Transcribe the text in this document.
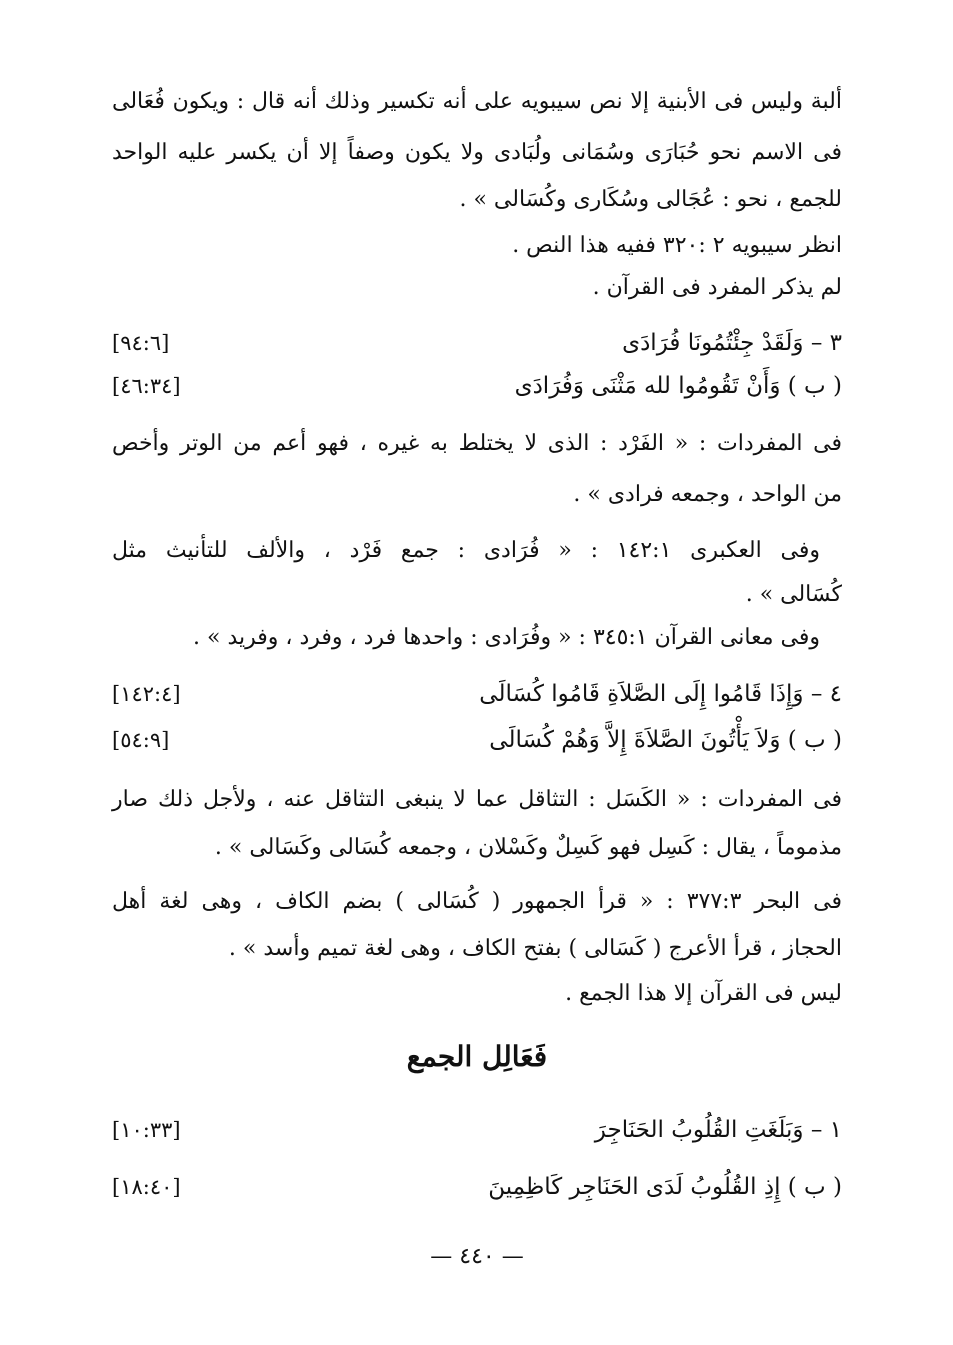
ألبة وليس فى الأبنية إلا نص سيبويه على أنه تكسير وذلك أنه قال : ويكون فُعَالى
فى الاسم نحو حُبَارَى وسُمَانى ولُبَادى ولا يكون وصفاً إلا أن يكسر عليه الواحد
للجمع ، نحو : عُجَالى وسُكَارى وكُسَالى » .
انظر سيبويه ٢ :٣٢٠ ففيه هذا النص .
لم يذكر المفرد فى القرآن .
٣ – وَلَقَدْ جِئْتُمُونَا فُرَادَى
[٩٤:٦]
( ب ) وَأَنْ تَقُومُوا لله مَثْنَى وَفُرَادَى
[٤٦:٣٤]
فى المفردات : « الفَرْد : الذى لا يختلط به غيره ، فهو أعم من الوتر وأخص
من الواحد ، وجمعه فرادى » .
وفى العكبرى ١٤٢:١ : « فُرَادى : جمع فَرْد ، والألف للتأنيث مثل
كُسَالى » .
وفى معانى القرآن ٣٤٥:١ : « وفُرَادى : واحدها فرد ، وفرد ، وفريد » .
٤ – وَإِذَا قَامُوا إِلَى الصَّلاَةِ قَامُوا كُسَالَى
[١٤٢:٤]
( ب ) وَلاَ يَأْتُونَ الصَّلاَةَ إِلاَّ وَهُمْ كُسَالَى
[٥٤:٩]
فى المفردات : « الكَسَل : التثاقل عما لا ينبغى التثاقل عنه ، ولأجل ذلك صار
مذموماً ، يقال : كَسِل فهو كَسِلٌ وكَسْلان ، وجمعه كُسَالى وكَسَالى » .
فى البحر ٣٧٧:٣ : « قرأ الجمهور ( كُسَالى ) بضم الكاف ، وهى لغة أهل
الحجاز ، قرأ الأعرج ( كَسَالى ) بفتح الكاف ، وهى لغة تميم وأسد » .
ليس فى القرآن إلا هذا الجمع .
فَعَالِل الجمع
١ – وَبَلَغَتِ القُلُوبُ الحَنَاجِرَ
[١٠:٣٣]
( ب ) إِذِ القُلُوبُ لَدَى الحَنَاجِر كَاظِمِينَ
[١٨:٤٠]
— ٤٤٠ —
